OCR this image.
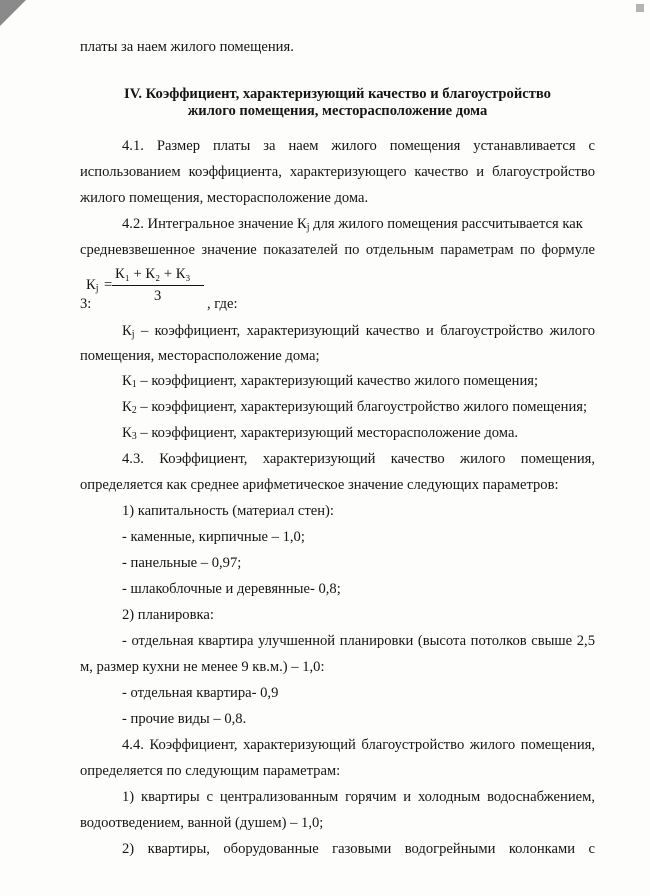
платы за наем жилого помещения.
IV. Коэффициент, характеризующий качество и благоустройство
жилого помещения, месторасположение дома
4.1. Размер платы за наем жилого помещения устанавливается с
использованием коэффициента, характеризующего качество и благоустройство
жилого помещения, месторасположение дома.
4.2. Интегральное значение $К_j$ для жилого помещения рассчитывается как
средневзвешенное значение показателей по отдельным параметрам по формуле
$К_j$ =
К₁ + К₂ + К₃
3
3:	, где:
$К_j$ – коэффициент, характеризующий качество и благоустройство жилого
помещения, месторасположение дома;
$К_1$ – коэффициент, характеризующий качество жилого помещения;
$К_2$ – коэффициент, характеризующий благоустройство жилого помещения;
$К_3$ – коэффициент, характеризующий месторасположение дома.
4.3. Коэффициент, характеризующий качество жилого помещения,
определяется как среднее арифметическое значение следующих параметров:
1) капитальность (материал стен):
- каменные, кирпичные – 1,0;
- панельные – 0,97;
- шлакоблочные и деревянные- 0,8;
2) планировка:
- отдельная квартира улучшенной планировки (высота потолков свыше 2,5
м, размер кухни не менее 9 кв.м.) – 1,0:
- отдельная квартира- 0,9
- прочие виды – 0,8.
4.4. Коэффициент, характеризующий благоустройство жилого помещения,
определяется по следующим параметрам:
1) квартиры с централизованным горячим и холодным водоснабжением,
водоотведением, ванной (душем) – 1,0;
2) квартиры, оборудованные газовыми водогрейными колонками с
